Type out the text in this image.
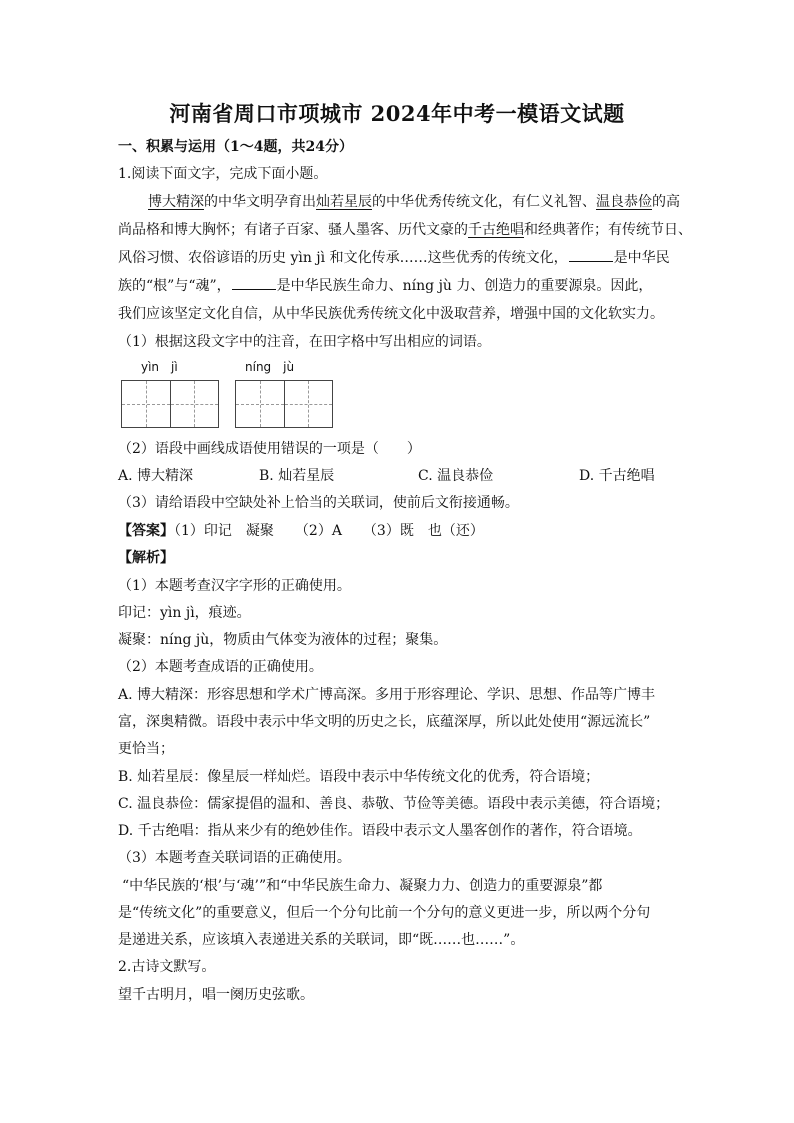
河南省周口市项城市 2024年中考一模语文试题
一、积累与运用（1～4题，共24分）
1.阅读下面文字，完成下面小题。
博大精深的中华文明孕育出灿若星辰的中华优秀传统文化，有仁义礼智、温良恭俭的高
尚品格和博大胸怀；有诸子百家、骚人墨客、历代文豪的千古绝唱和经典著作；有传统节日、
风俗习惯、农俗谚语的历史 yìn jì 和文化传承……这些优秀的传统文化，	是中华民
族的“根”与“魂”，	是中华民族生命力、níng jù 力、创造力的重要源泉。因此，
我们应该坚定文化自信，从中华民族优秀传统文化中汲取营养，增强中国的文化软实力。
（1）根据这段文字中的注音，在田字格中写出相应的词语。
yìn　jì	níng　jù
（2）语段中画线成语使用错误的一项是（　　）
A. 博大精深	B. 灿若星辰	C. 温良恭俭	D. 千古绝唱
（3）请给语段中空缺处补上恰当的关联词，使前后文衔接通畅。
【答案】（1）印记　凝聚　　（2）A　　（3）既　也（还）
【解析】
（1）本题考查汉字字形的正确使用。
印记：yìn jì，痕迹。
凝聚：níng jù，物质由气体变为液体的过程；聚集。
（2）本题考查成语的正确使用。
A. 博大精深：形容思想和学术广博高深。多用于形容理论、学识、思想、作品等广博丰
富，深奥精微。语段中表示中华文明的历史之长，底蕴深厚，所以此处使用“源远流长”
更恰当；
B. 灿若星辰：像星辰一样灿烂。语段中表示中华传统文化的优秀，符合语境；
C. 温良恭俭：儒家提倡的温和、善良、恭敬、节俭等美德。语段中表示美德，符合语境；
D. 千古绝唱：指从来少有的绝妙佳作。语段中表示文人墨客创作的著作，符合语境。
（3）本题考查关联词语的正确使用。
“中华民族的‘根’与‘魂’”和“中华民族生命力、凝聚力力、创造力的重要源泉”都
是“传统文化”的重要意义，但后一个分句比前一个分句的意义更进一步，所以两个分句
是递进关系，应该填入表递进关系的关联词，即“既……也……”。
2.古诗文默写。
望千古明月，唱一阕历史弦歌。
